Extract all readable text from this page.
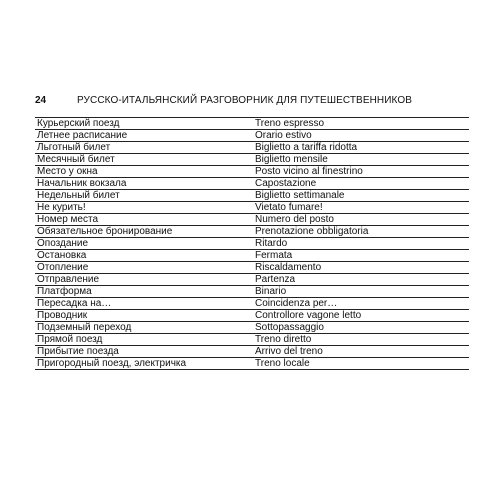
24	РУССКО-ИТАЛЬЯНСКИЙ РАЗГОВОРНИК ДЛЯ ПУТЕШЕСТВЕННИКОВ
Курьерский поезд	Treno espresso
Летнее расписание	Orario estivo
Льготный билет	Biglietto a tariffa ridotta
Месячный билет	Biglietto mensile
Место у окна	Posto vicino al finestrino
Начальник вокзала	Capostazione
Недельный билет	Biglietto settimanale
Не курить!	Vietato fumare!
Номер места	Numero del posto
Обязательное бронирование	Prenotazione obbligatoria
Опоздание	Ritardo
Остановка	Fermata
Отопление	Riscaldamento
Отправление	Partenza
Платформа	Binario
Пересадка на…	Coincidenza per…
Проводник	Controllore vagone letto
Подземный переход	Sottopassaggio
Прямой поезд	Treno diretto
Прибытие поезда	Arrivo del treno
Пригородный поезд, электричка	Treno locale
